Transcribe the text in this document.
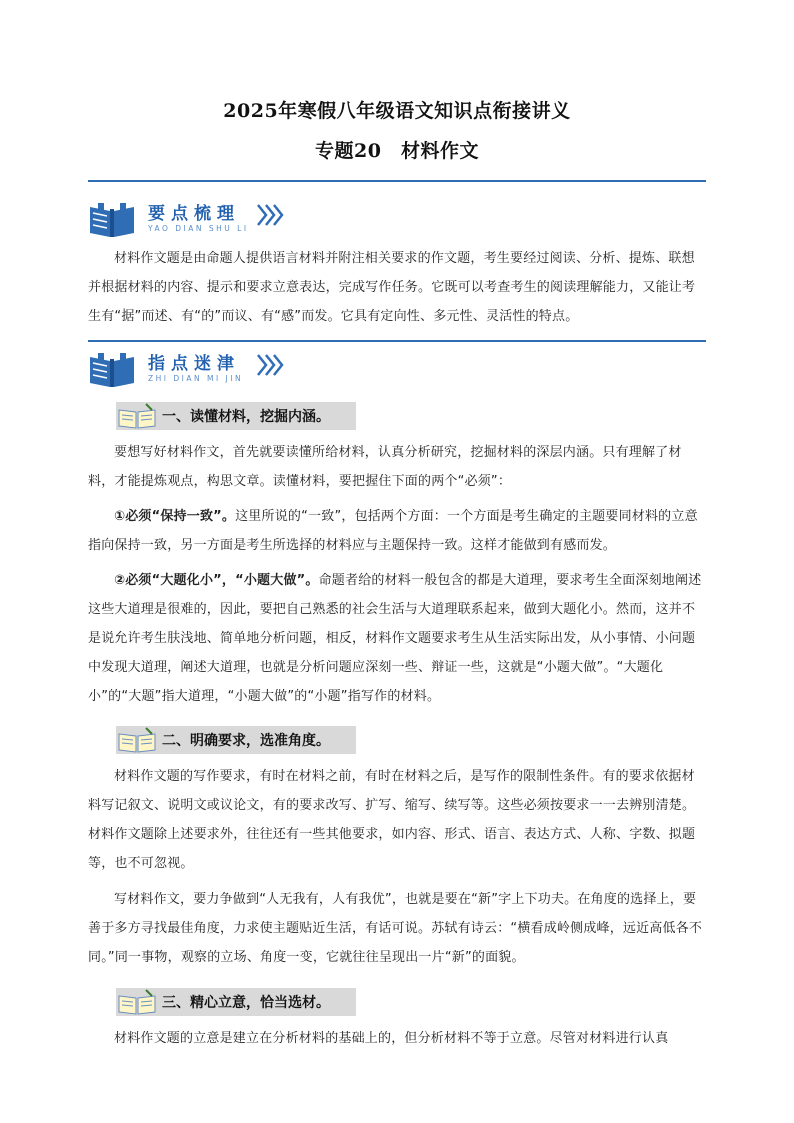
2025年寒假八年级语文知识点衔接讲义
专题20　材料作文
要点梳理
YAO DIAN SHU LI

材料作文题是由命题人提供语言材料并附注相关要求的作文题，考生要经过阅读、分析、提炼、联想并根据材料的内容、提示和要求立意表达，完成写作任务。它既可以考查考生的阅读理解能力，又能让考生有“据”而述、有“的”而议、有“感”而发。它具有定向性、多元性、灵活性的特点。

指点迷津
ZHI DIAN MI JIN
一、读懂材料，挖掘内涵。

要想写好材料作文，首先就要读懂所给材料，认真分析研究，挖掘材料的深层内涵。只有理解了材料，才能提炼观点，构思文章。读懂材料，要把握住下面的两个“必须”：

①必须“保持一致”。这里所说的“一致”，包括两个方面：一个方面是考生确定的主题要同材料的立意指向保持一致，另一方面是考生所选择的材料应与主题保持一致。这样才能做到有感而发。

②必须“大题化小”，“小题大做”。命题者给的材料一般包含的都是大道理，要求考生全面深刻地阐述这些大道理是很难的，因此，要把自己熟悉的社会生活与大道理联系起来，做到大题化小。然而，这并不是说允许考生肤浅地、简单地分析问题，相反，材料作文题要求考生从生活实际出发，从小事情、小问题中发现大道理，阐述大道理，也就是分析问题应深刻一些、辩证一些，这就是“小题大做”。“大题化小”的“大题”指大道理，“小题大做”的“小题”指写作的材料。

二、明确要求，选准角度。

材料作文题的写作要求，有时在材料之前，有时在材料之后，是写作的限制性条件。有的要求依据材料写记叙文、说明文或议论文，有的要求改写、扩写、缩写、续写等。这些必须按要求一一去辨别清楚。材料作文题除上述要求外，往往还有一些其他要求，如内容、形式、语言、表达方式、人称、字数、拟题等，也不可忽视。

写材料作文，要力争做到“人无我有，人有我优”，也就是要在“新”字上下功夫。在角度的选择上，要善于多方寻找最佳角度，力求使主题贴近生活，有话可说。苏轼有诗云：“横看成岭侧成峰，远近高低各不同。”同一事物，观察的立场、角度一变，它就往往呈现出一片“新”的面貌。

三、精心立意，恰当选材。

材料作文题的立意是建立在分析材料的基础上的，但分析材料不等于立意。尽管对材料进行认真
